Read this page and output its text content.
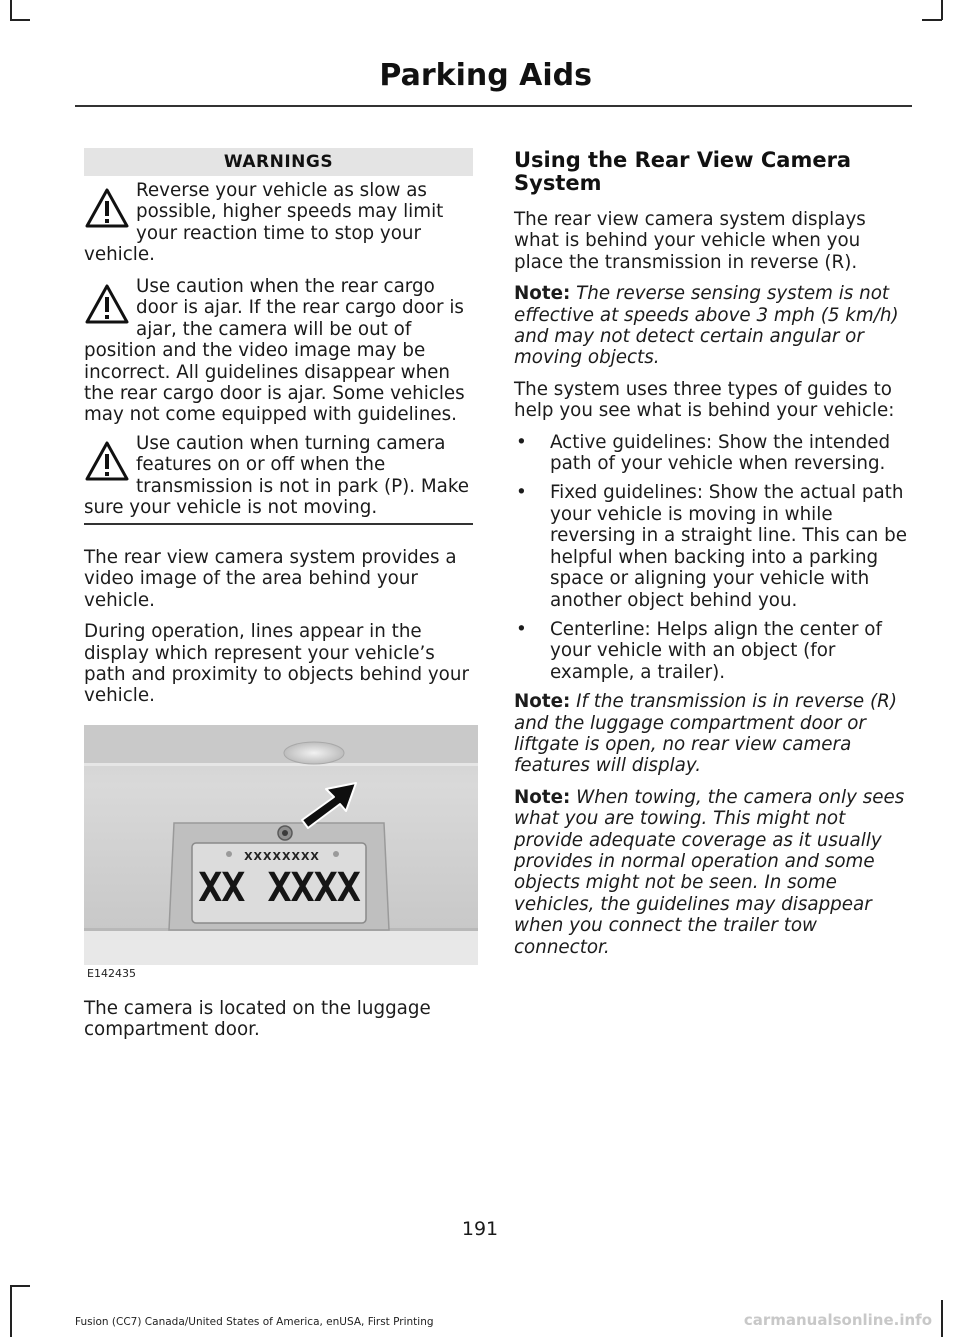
Parking Aids
WARNINGS
Reverse your vehicle as slow as possible, higher speeds may limit your reaction time to stop your vehicle.
Use caution when the rear cargo door is ajar. If the rear cargo door is ajar, the camera will be out of position and the video image may be incorrect. All guidelines disappear when the rear cargo door is ajar. Some vehicles may not come equipped with guidelines.
Use caution when turning camera features on or off when the transmission is not in park (P). Make sure your vehicle is not moving.

The rear view camera system provides a video image of the area behind your vehicle.

During operation, lines appear in the display which represent your vehicle’s path and proximity to objects behind your vehicle.

XXXXXXXX
XX XXXX
E142435

The camera is located on the luggage compartment door.

Using the Rear View Camera System

The rear view camera system displays what is behind your vehicle when you place the transmission in reverse (R).

Note: The reverse sensing system is not effective at speeds above 3 mph (5 km/h) and may not detect certain angular or moving objects.

The system uses three types of guides to help you see what is behind your vehicle:

•	Active guidelines: Show the intended path of your vehicle when reversing.
•	Fixed guidelines: Show the actual path your vehicle is moving in while reversing in a straight line. This can be helpful when backing into a parking space or aligning your vehicle with another object behind you.
•	Centerline: Helps align the center of your vehicle with an object (for example, a trailer).

Note: If the transmission is in reverse (R) and the luggage compartment door or liftgate is open, no rear view camera features will display.

Note: When towing, the camera only sees what you are towing. This might not provide adequate coverage as it usually provides in normal operation and some objects might not be seen. In some vehicles, the guidelines may disappear when you connect the trailer tow connector.

191
Fusion (CC7) Canada/United States of America, enUSA, First Printing	carmanualsonline.info
